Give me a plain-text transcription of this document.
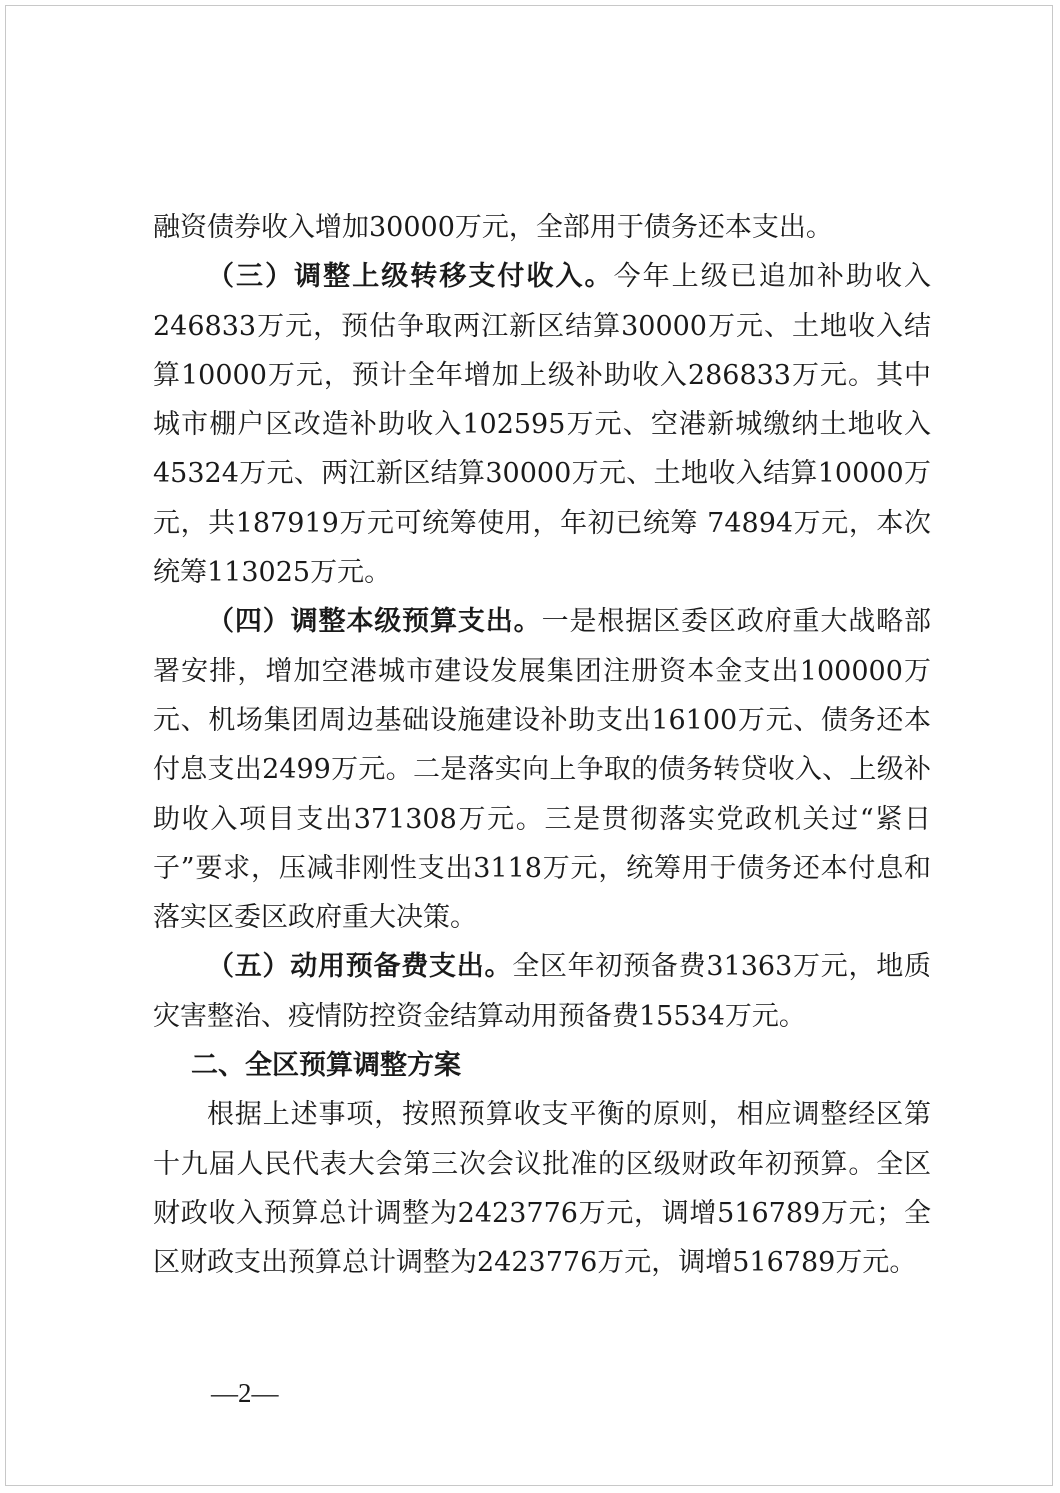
融资债券收入增加30000万元，全部用于债务还本支出。

（三）调整上级转移支付收入。今年上级已追加补助收入246833万元，预估争取两江新区结算30000万元、土地收入结算10000万元，预计全年增加上级补助收入286833万元。其中城市棚户区改造补助收入102595万元、空港新城缴纳土地收入45324万元、两江新区结算30000万元、土地收入结算10000万元，共187919万元可统筹使用，年初已统筹 74894万元，本次统筹113025万元。

（四）调整本级预算支出。一是根据区委区政府重大战略部署安排，增加空港城市建设发展集团注册资本金支出100000万元、机场集团周边基础设施建设补助支出16100万元、债务还本付息支出2499万元。二是落实向上争取的债务转贷收入、上级补助收入项目支出371308万元。三是贯彻落实党政机关过“紧日子”要求，压减非刚性支出3118万元，统筹用于债务还本付息和落实区委区政府重大决策。

（五）动用预备费支出。全区年初预备费31363万元，地质灾害整治、疫情防控资金结算动用预备费15534万元。

二、全区预算调整方案

根据上述事项，按照预算收支平衡的原则，相应调整经区第十九届人民代表大会第三次会议批准的区级财政年初预算。全区财政收入预算总计调整为2423776万元，调增516789万元；全区财政支出预算总计调整为2423776万元，调增516789万元。

—2—
